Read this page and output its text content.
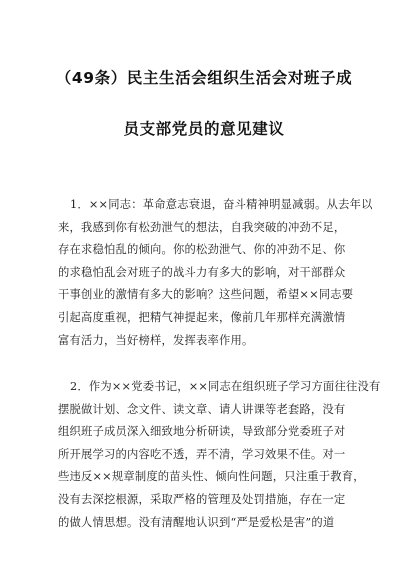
（49条）民主生活会组织生活会对班子成
员支部党员的意见建议
1．××同志：革命意志衰退，奋斗精神明显减弱。从去年以
来，我感到你有松劲泄气的想法，自我突破的冲劲不足，
存在求稳怕乱的倾向。你的松劲泄气、你的冲劲不足、你
的求稳怕乱会对班子的战斗力有多大的影响，对干部群众
干事创业的激情有多大的影响？这些问题，希望××同志要
引起高度重视，把精气神提起来，像前几年那样充满激情
富有活力，当好榜样，发挥表率作用。
2．作为××党委书记，××同志在组织班子学习方面往往没有
摆脱做计划、念文件、读文章、请人讲课等老套路，没有
组织班子成员深入细致地分析研读，导致部分党委班子对
所开展学习的内容吃不透，弄不清，学习效果不佳。对一
些违反××规章制度的苗头性、倾向性问题，只注重于教育，
没有去深挖根源，采取严格的管理及处罚措施，存在一定
的做人情思想。没有清醒地认识到“严是爱松是害”的道
